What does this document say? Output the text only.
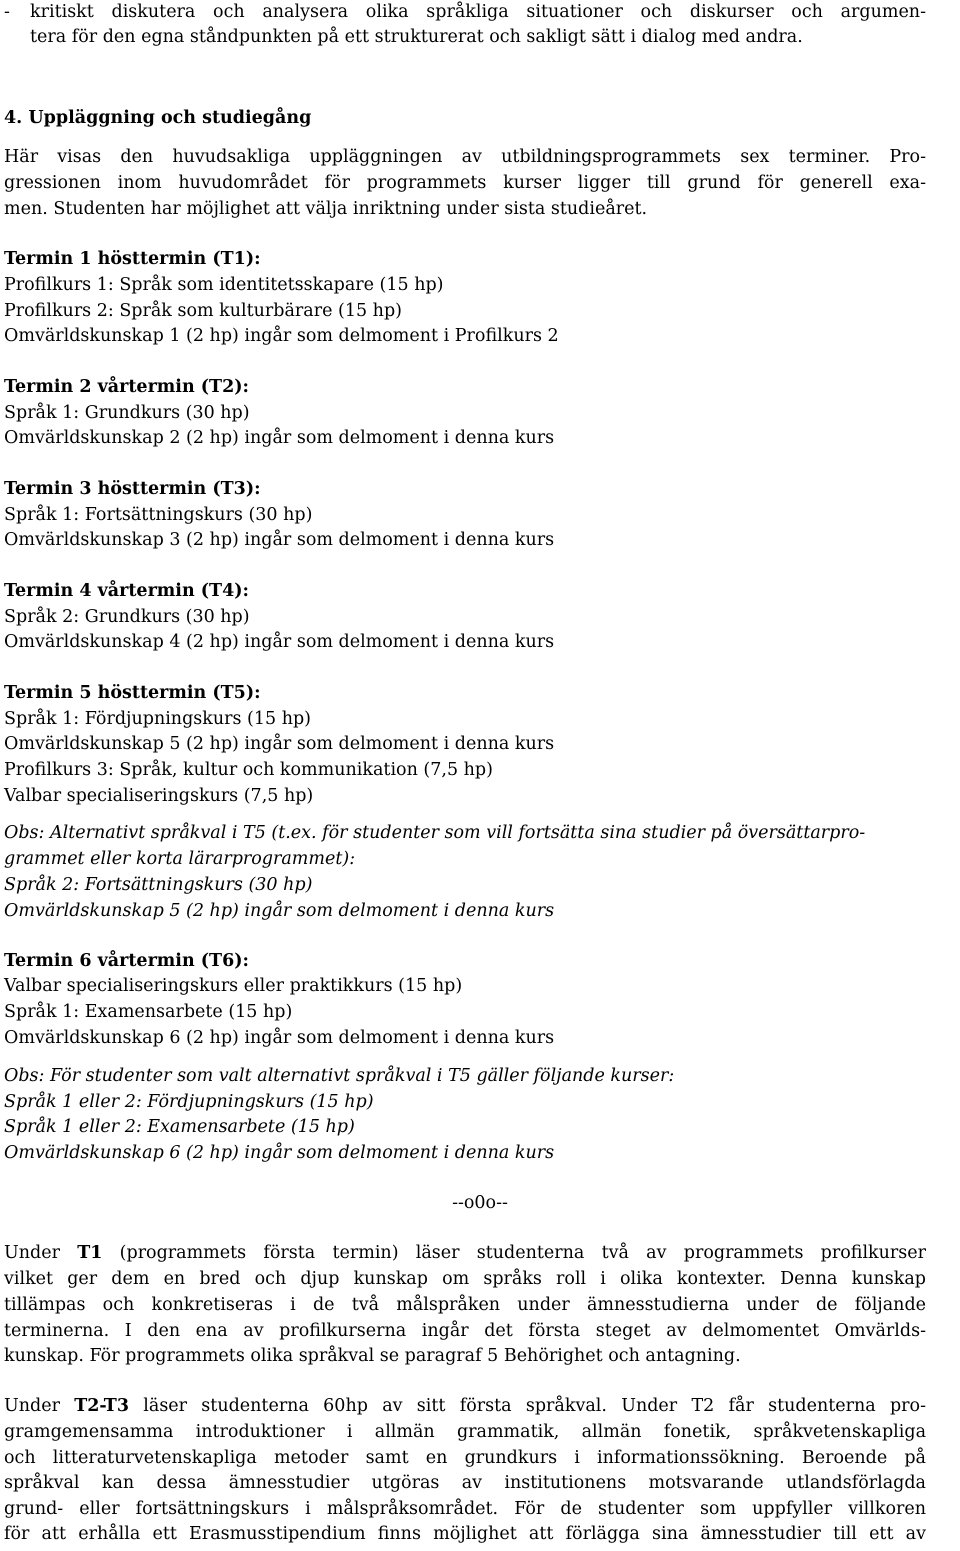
- kritiskt diskutera och analysera olika språkliga situationer och diskurser och argumen-
tera för den egna ståndpunkten på ett strukturerat och sakligt sätt i dialog med andra.
4. Uppläggning och studiegång
Här visas den huvudsakliga uppläggningen av utbildningsprogrammets sex terminer. Pro-
gressionen inom huvudområdet för programmets kurser ligger till grund för generell exa-
men. Studenten har möjlighet att välja inriktning under sista studieåret.
Termin 1 hösttermin (T1):
Profilkurs 1: Språk som identitetsskapare (15 hp)
Profilkurs 2: Språk som kulturbärare (15 hp)
Omvärldskunskap 1 (2 hp) ingår som delmoment i Profilkurs 2
Termin 2 vårtermin (T2):
Språk 1: Grundkurs (30 hp)
Omvärldskunskap 2 (2 hp) ingår som delmoment i denna kurs
Termin 3 hösttermin (T3):
Språk 1: Fortsättningskurs (30 hp)
Omvärldskunskap 3 (2 hp) ingår som delmoment i denna kurs
Termin 4 vårtermin (T4):
Språk 2: Grundkurs (30 hp)
Omvärldskunskap 4 (2 hp) ingår som delmoment i denna kurs
Termin 5 hösttermin (T5):
Språk 1: Fördjupningskurs (15 hp)
Omvärldskunskap 5 (2 hp) ingår som delmoment i denna kurs
Profilkurs 3: Språk, kultur och kommunikation (7,5 hp)
Valbar specialiseringskurs (7,5 hp)
Obs: Alternativt språkval i T5 (t.ex. för studenter som vill fortsätta sina studier på översättarpro-
grammet eller korta lärarprogrammet):
Språk 2: Fortsättningskurs (30 hp)
Omvärldskunskap 5 (2 hp) ingår som delmoment i denna kurs
Termin 6 vårtermin (T6):
Valbar specialiseringskurs eller praktikkurs (15 hp)
Språk 1: Examensarbete (15 hp)
Omvärldskunskap 6 (2 hp) ingår som delmoment i denna kurs
Obs: För studenter som valt alternativt språkval i T5 gäller följande kurser:
Språk 1 eller 2: Fördjupningskurs (15 hp)
Språk 1 eller 2: Examensarbete (15 hp)
Omvärldskunskap 6 (2 hp) ingår som delmoment i denna kurs
--o0o--
Under T1 (programmets första termin) läser studenterna två av programmets profilkurser
vilket ger dem en bred och djup kunskap om språks roll i olika kontexter. Denna kunskap
tillämpas och konkretiseras i de två målspråken under ämnesstudierna under de följande
terminerna. I den ena av profilkurserna ingår det första steget av delmomentet Omvärlds-
kunskap. För programmets olika språkval se paragraf 5 Behörighet och antagning.
Under T2-T3 läser studenterna 60hp av sitt första språkval. Under T2 får studenterna pro-
gramgemensamma introduktioner i allmän grammatik, allmän fonetik, språkvetenskapliga
och litteraturvetenskapliga metoder samt en grundkurs i informationssökning. Beroende på
språkval kan dessa ämnesstudier utgöras av institutionens motsvarande utlandsförlagda
grund- eller fortsättningskurs i målspråksområdet. För de studenter som uppfyller villkoren
för att erhålla ett Erasmusstipendium finns möjlighet att förlägga sina ämnesstudier till ett av
